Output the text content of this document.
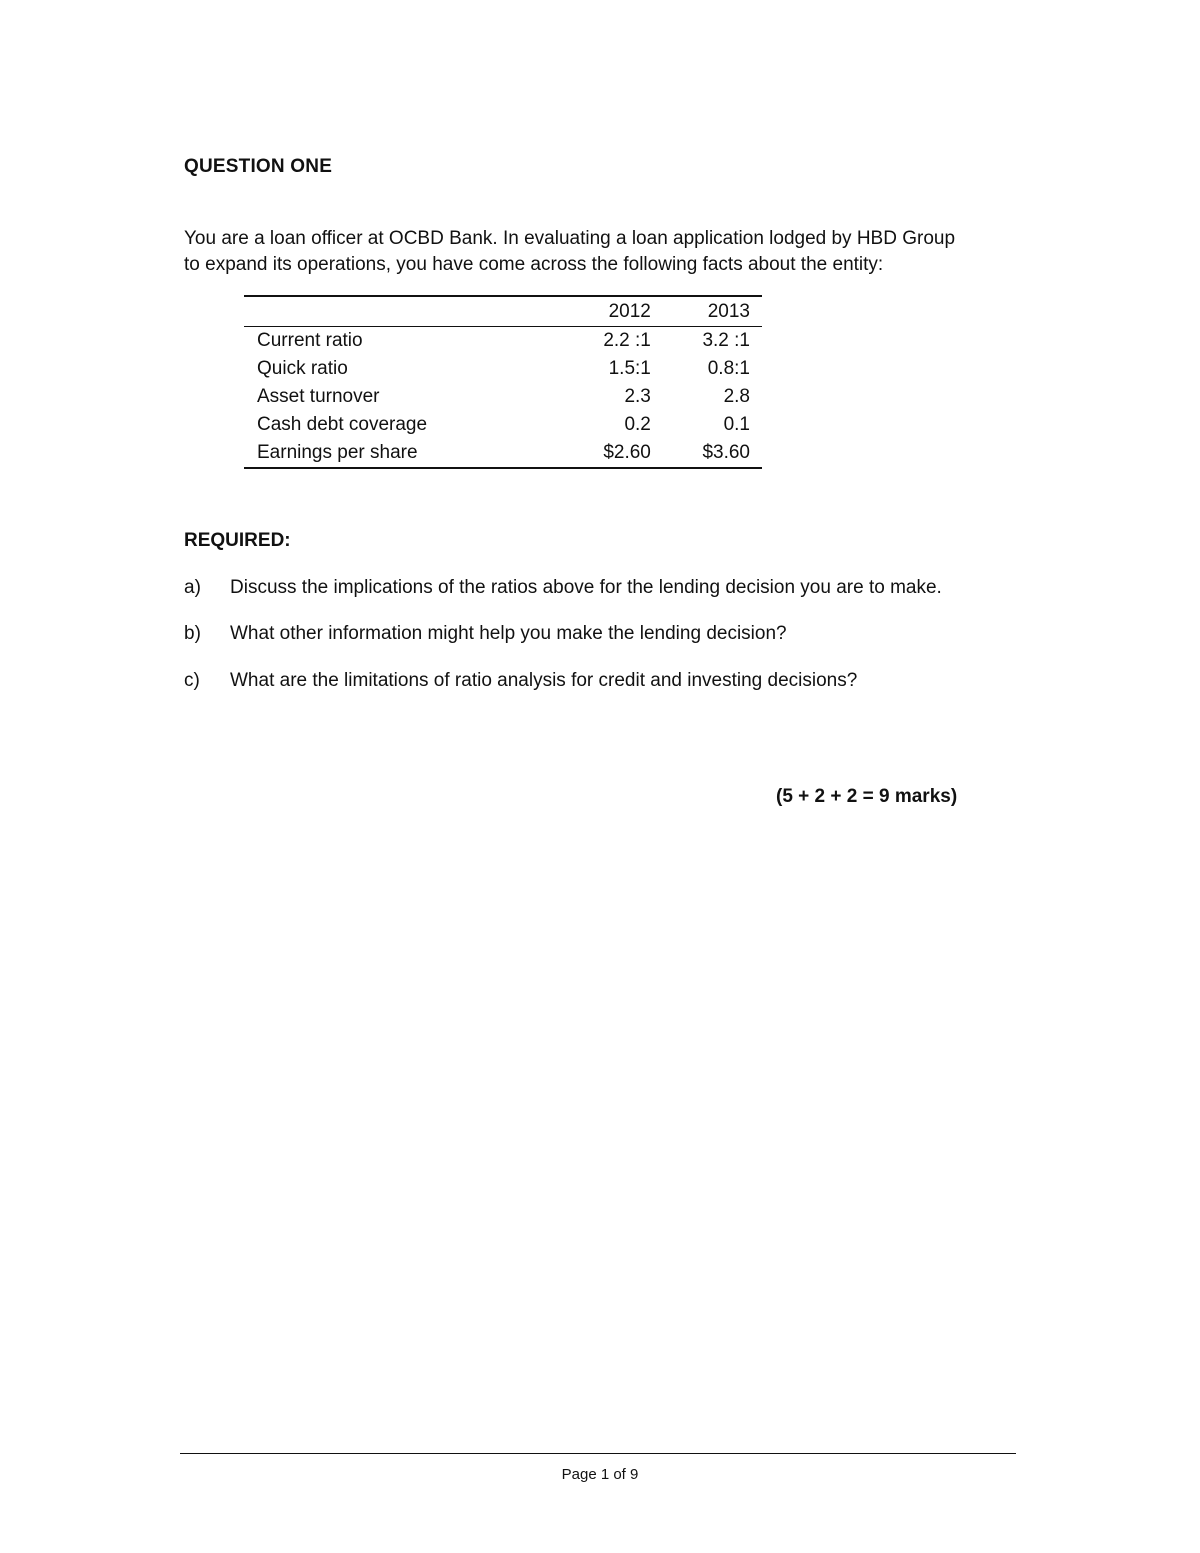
QUESTION ONE
You are a loan officer at OCBD Bank. In evaluating a loan application lodged by HBD Group
to expand its operations, you have come across the following facts about the entity:
	2012	2013
Current ratio	2.2 :1	3.2 :1
Quick ratio	1.5:1	0.8:1
Asset turnover	2.3	2.8
Cash debt coverage	0.2	0.1
Earnings per share	$2.60	$3.60
REQUIRED:
a) Discuss the implications of the ratios above for the lending decision you are to make.
b) What other information might help you make the lending decision?
c) What are the limitations of ratio analysis for credit and investing decisions?
(5 + 2 + 2 = 9 marks)
Page 1 of 9
